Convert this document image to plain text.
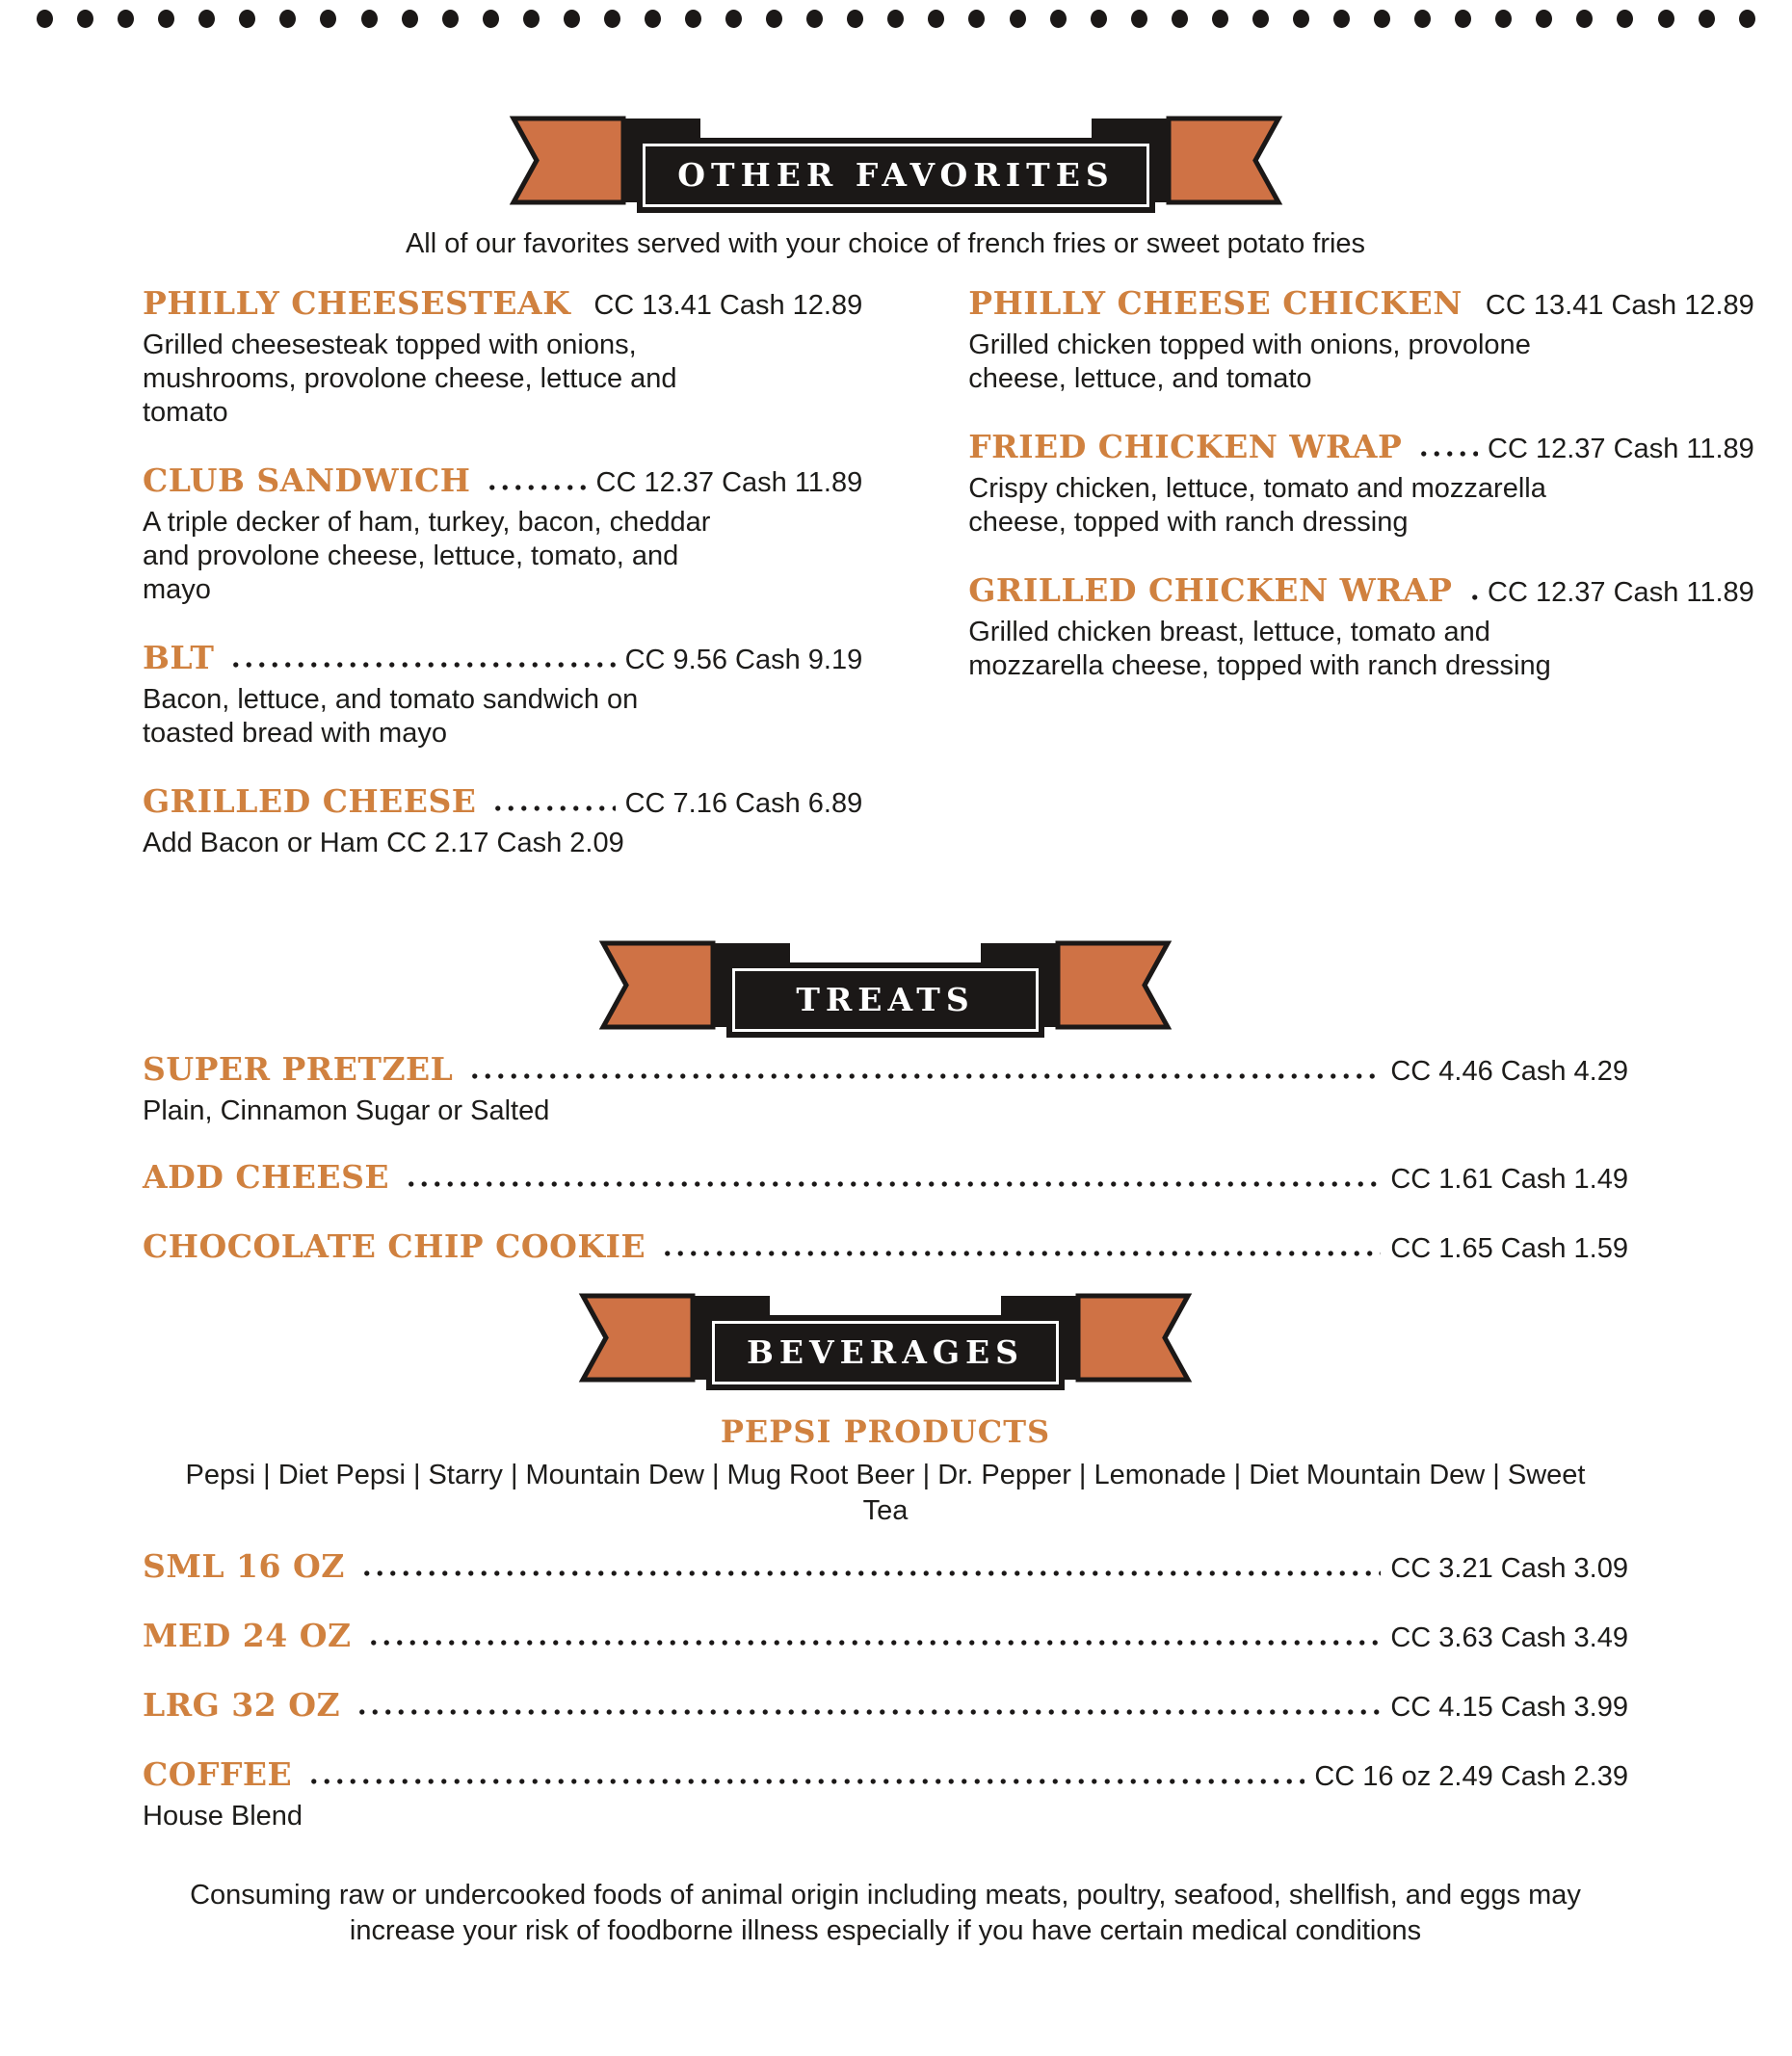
OTHER FAVORITES
All of our favorites served with your choice of french fries or sweet potato fries
PHILLY CHEESESTEAK CC 13.41 Cash 12.89
Grilled cheesesteak topped with onions, mushrooms, provolone cheese, lettuce and tomato
CLUB SANDWICH	CC 12.37 Cash 11.89
A triple decker of ham, turkey, bacon, cheddar and provolone cheese, lettuce, tomato, and mayo
BLT	CC 9.56 Cash 9.19
Bacon, lettuce, and tomato sandwich on toasted bread with mayo
GRILLED CHEESE	CC 7.16 Cash 6.89
Add Bacon or Ham CC 2.17 Cash 2.09
PHILLY CHEESE CHICKEN CC 13.41 Cash 12.89
Grilled chicken topped with onions, provolone cheese, lettuce, and tomato
FRIED CHICKEN WRAP	CC 12.37 Cash 11.89
Crispy chicken, lettuce, tomato and mozzarella cheese, topped with ranch dressing
GRILLED CHICKEN WRAP CC 12.37 Cash 11.89
Grilled chicken breast, lettuce, tomato and mozzarella cheese, topped with ranch dressing
TREATS
SUPER PRETZEL	CC 4.46 Cash 4.29
Plain, Cinnamon Sugar or Salted
ADD CHEESE	CC 1.61 Cash 1.49
CHOCOLATE CHIP COOKIE	CC 1.65 Cash 1.59
BEVERAGES
PEPSI PRODUCTS
Pepsi | Diet Pepsi | Starry | Mountain Dew | Mug Root Beer | Dr. Pepper | Lemonade | Diet Mountain Dew | Sweet Tea
SML 16 OZ	CC 3.21 Cash 3.09
MED 24 OZ	CC 3.63 Cash 3.49
LRG 32 OZ	CC 4.15 Cash 3.99
COFFEE	CC 16 oz 2.49 Cash 2.39
House Blend
Consuming raw or undercooked foods of animal origin including meats, poultry, seafood, shellfish, and eggs may increase your risk of foodborne illness especially if you have certain medical conditions
